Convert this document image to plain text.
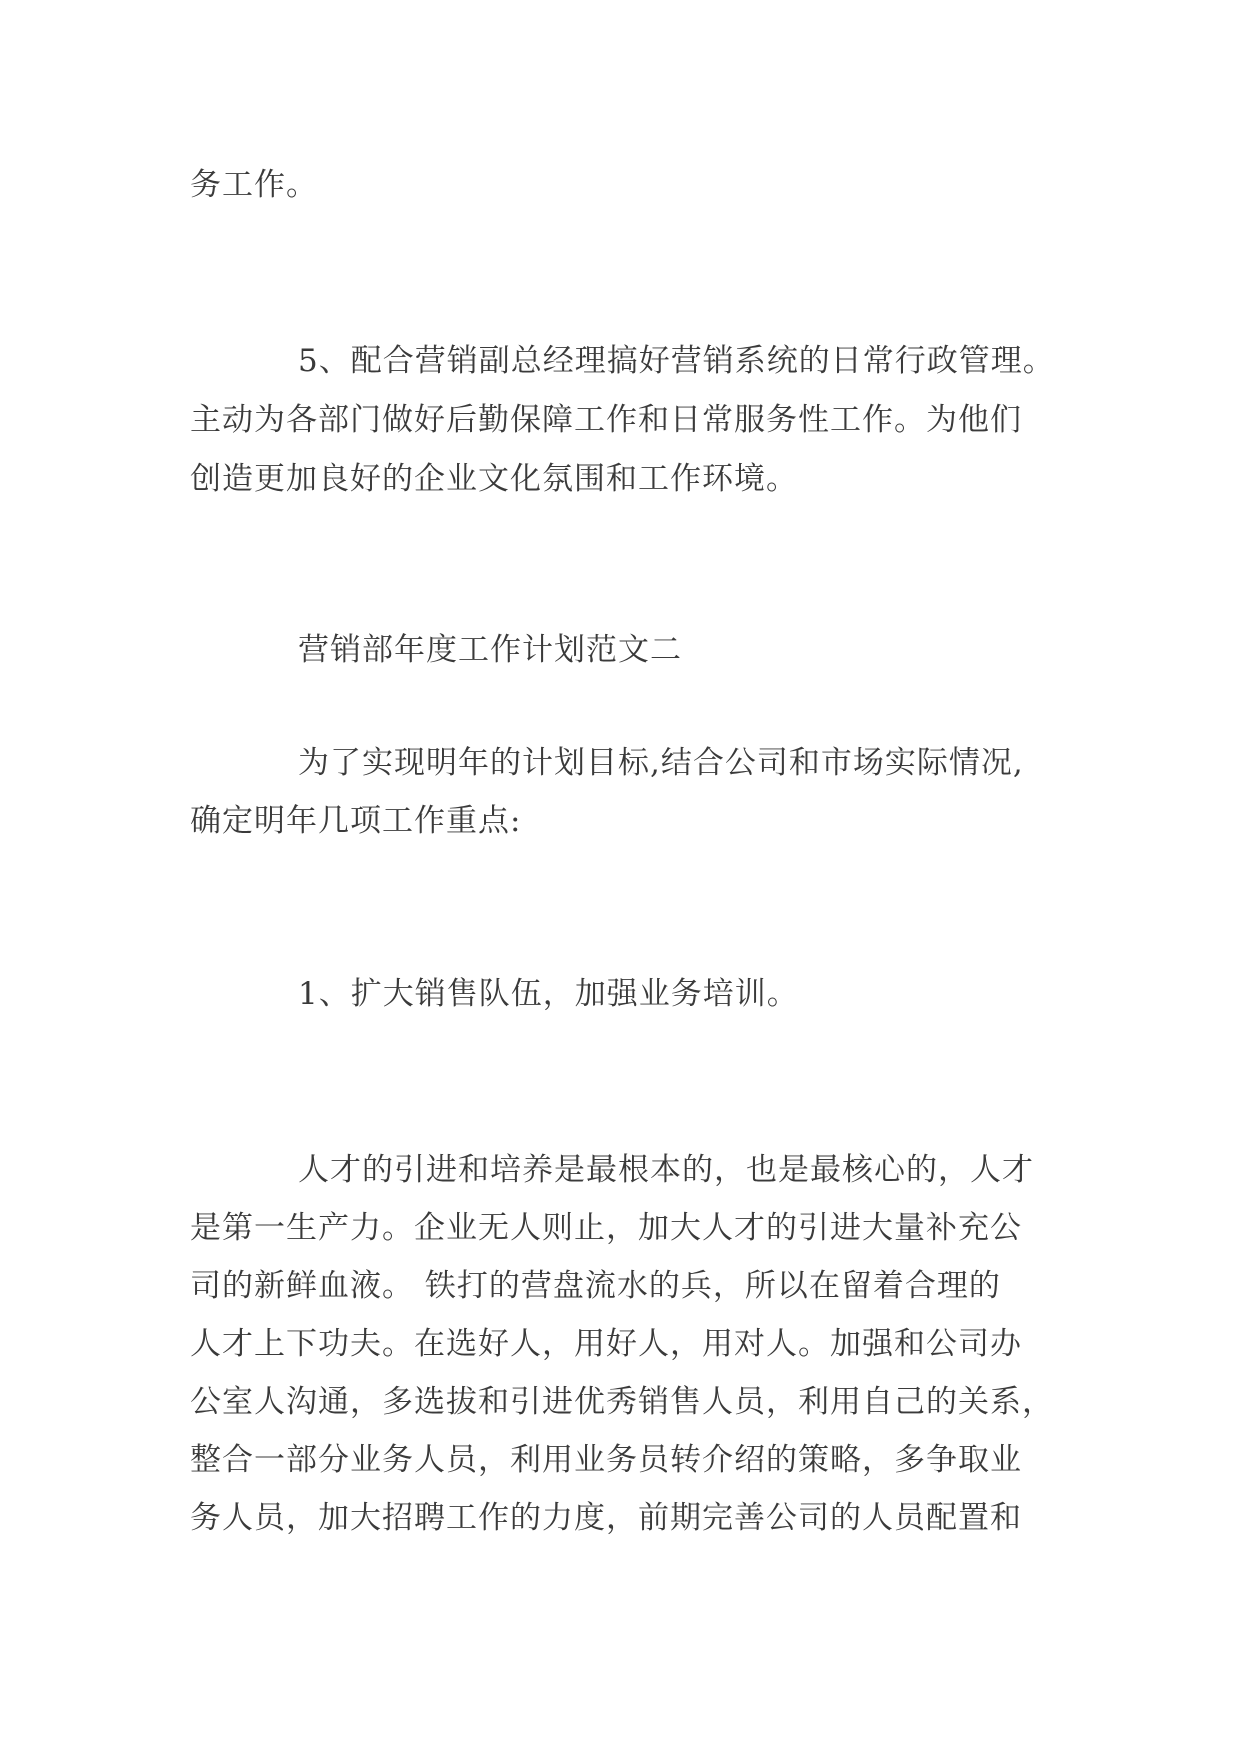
务工作。
5、配合营销副总经理搞好营销系统的日常行政管理。
主动为各部门做好后勤保障工作和日常服务性工作。为他们
创造更加良好的企业文化氛围和工作环境。
营销部年度工作计划范文二
为了实现明年的计划目标,结合公司和市场实际情况,
确定明年几项工作重点:
1、扩大销售队伍，加强业务培训。
人才的引进和培养是最根本的，也是最核心的，人才
是第一生产力。企业无人则止，加大人才的引进大量补充公
司的新鲜血液。 铁打的营盘流水的兵，所以在留着合理的
人才上下功夫。在选好人，用好人，用对人。加强和公司办
公室人沟通，多选拔和引进优秀销售人员，利用自己的关系，
整合一部分业务人员，利用业务员转介绍的策略，多争取业
务人员，加大招聘工作的力度，前期完善公司的人员配置和
